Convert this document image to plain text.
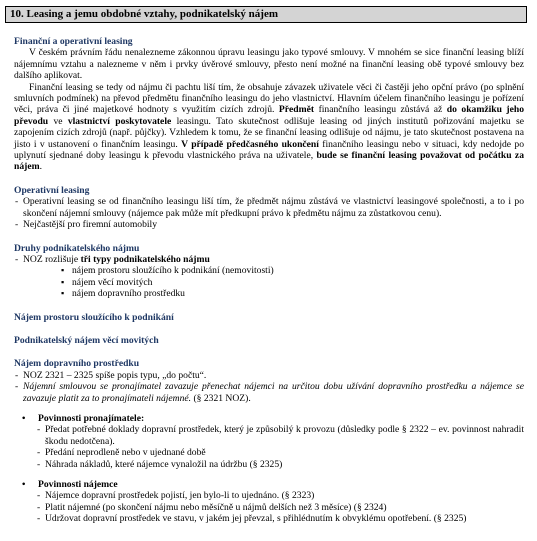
10. Leasing a jemu obdobné vztahy, podnikatelský nájem
Finanční a operativní leasing
V českém právním řádu nenalezneme zákonnou úpravu leasingu jako typové smlouvy. V mnohém se sice finanční leasing blíží nájemnímu vztahu a nalezneme v něm i prvky úvěrové smlouvy, přesto není možné na finanční leasing obě typové smlouvy bez dalšího aplikovat.
Finanční leasing se tedy od nájmu či pachtu liší tím, že obsahuje závazek uživatele věci či častěji jeho opční právo (po splnění smluvních podmínek) na převod předmětu finančního leasingu do jeho vlastnictví. Hlavním účelem finančního leasingu je pořízení věci, práva či jiné majetkové hodnoty s využitím cizích zdrojů. Předmět finančního leasingu zůstává až do okamžiku jeho převodu ve vlastnictví poskytovatele leasingu. Tato skutečnost odlišuje leasing od jiných institutů pořizování majetku se zapojením cizích zdrojů (např. půjčky). Vzhledem k tomu, že se finanční leasing odlišuje od nájmu, je tato skutečnost postavena na jisto i v ustanovení o finančním leasingu. V případě předčasného ukončení finančního leasingu nebo v situaci, kdy nedojde po uplynutí sjednané doby leasingu k převodu vlastnického práva na uživatele, bude se finanční leasing považovat od počátku za nájem.
Operativní leasing
- Operativní leasing se od finančního leasingu liší tím, že předmět nájmu zůstává ve vlastnictví leasingové společnosti, a to i po skončení nájemní smlouvy (nájemce pak může mít předkupní právo k předmětu nájmu za zůstatkovou cenu).
- Nejčastější pro firemní automobily
Druhy podnikatelského nájmu
- NOZ rozlišuje tři typy podnikatelského nájmu
▪ nájem prostoru sloužícího k podnikání (nemovitosti)
▪ nájem věcí movitých
▪ nájem dopravního prostředku
Nájem prostoru sloužícího k podnikání
Podnikatelský nájem věcí movitých
Nájem dopravního prostředku
- NOZ 2321 – 2325 spíše popis typu, „do počtu“.
- Nájemní smlouvou se pronajímatel zavazuje přenechat nájemci na určitou dobu užívání dopravního prostředku a nájemce se zavazuje platit za to pronajímateli nájemné. (§ 2321 NOZ).
• Povinnosti pronajímatele:
- Předat potřebné doklady dopravní prostředek, který je způsobilý k provozu (důsledky podle § 2322 – ev. povinnost nahradit škodu nedotčena).
- Předání neprodleně nebo v ujednané době
- Náhrada nákladů, které nájemce vynaložil na údržbu (§ 2325)
• Povinnosti nájemce
- Nájemce dopravní prostředek pojistí, jen bylo-li to ujednáno. (§ 2323)
- Platit nájemné (po skončení nájmu nebo měsíčně u nájmů delších než 3 měsíce) (§ 2324)
- Udržovat dopravní prostředek ve stavu, v jakém jej převzal, s přihlédnutím k obvyklému opotřebení. (§ 2325)
